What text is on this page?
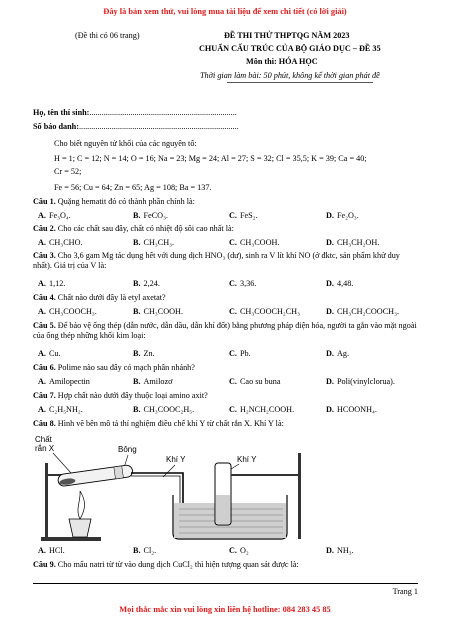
Đây là bản xem thử, vui lòng mua tài liệu để xem chi tiết (có lời giải)
(Đề thi có 06 trang)	ĐỀ THI THỬ THPTQG NĂM 2023
CHUẨN CẤU TRÚC CỦA BỘ GIÁO DỤC – ĐỀ 35
Môn thi: HÓA HỌC
Thời gian làm bài: 50 phút, không kể thời gian phát đề
Họ, tên thí sinh:........................................................................
Số báo danh:..............................................................................
Cho biết nguyên tử khối của các nguyên tố:
H = 1; C = 12; N = 14; O = 16; Na = 23; Mg = 24; Al = 27; S = 32; Cl = 35,5; K = 39; Ca = 40;
Cr = 52;
Fe = 56; Cu = 64; Zn = 65; Ag = 108; Ba = 137.
Câu 1. Quặng hematit đỏ có thành phần chính là:
A. Fe₃O₄.	B. FeCO₃.	C. FeS₂.	D. Fe₂O₃.
Câu 2. Cho các chất sau đây, chất có nhiệt độ sôi cao nhất là:
A. CH₃CHO.	B. CH₃CH₃.	C. CH₃COOH.	D. CH₃CH₂OH.
Câu 3. Cho 3,6 gam Mg tác dụng hết với dung dịch HNO₃ (dư), sinh ra V lít khí NO (ở đktc, sản phẩm khử duy nhất). Giá trị của V là:
A. 1,12.	B. 2,24.	C. 3,36.	D. 4,48.
Câu 4. Chất nào dưới đây là etyl axetat?
A. CH₃COOCH₃.	B. CH₃COOH.	C. CH₃COOCH₂CH₃	D. CH₃CH₂COOCH₃.
Câu 5. Để bảo vệ ống thép (dẫn nước, dẫn dầu, dẫn khí đốt) bằng phương pháp điện hóa, người ta gắn vào mặt ngoài của ống thép những khối kim loại:
A. Cu.	B. Zn.	C. Pb.	D. Ag.
Câu 6. Polime nào sau đây có mạch phân nhánh?
A. Amilopectin	B. Amilozơ	C. Cao su buna	D. Poli(vinylclorua).
Câu 7. Hợp chất nào dưới đây thuộc loại amino axit?
A. C₂H₅NH₂.	B. CH₃COOC₂H₅.	C. H₂NCH₂COOH.	D. HCOONH₄.
Câu 8. Hình vẽ bên mô tả thí nghiệm điều chế khí Y từ chất rắn X. Khí Y là:
Chất rắn X	Bông
Khí Y	Khí Y
A. HCl.	B. Cl₂.	C. O₂	D. NH₃.
Câu 9. Cho mẩu natri từ từ vào dung dịch CuCl₂ thì hiện tượng quan sát được là:
Trang 1
Mọi thắc mắc xin vui lòng xin liên hệ hotline: 084 283 45 85
